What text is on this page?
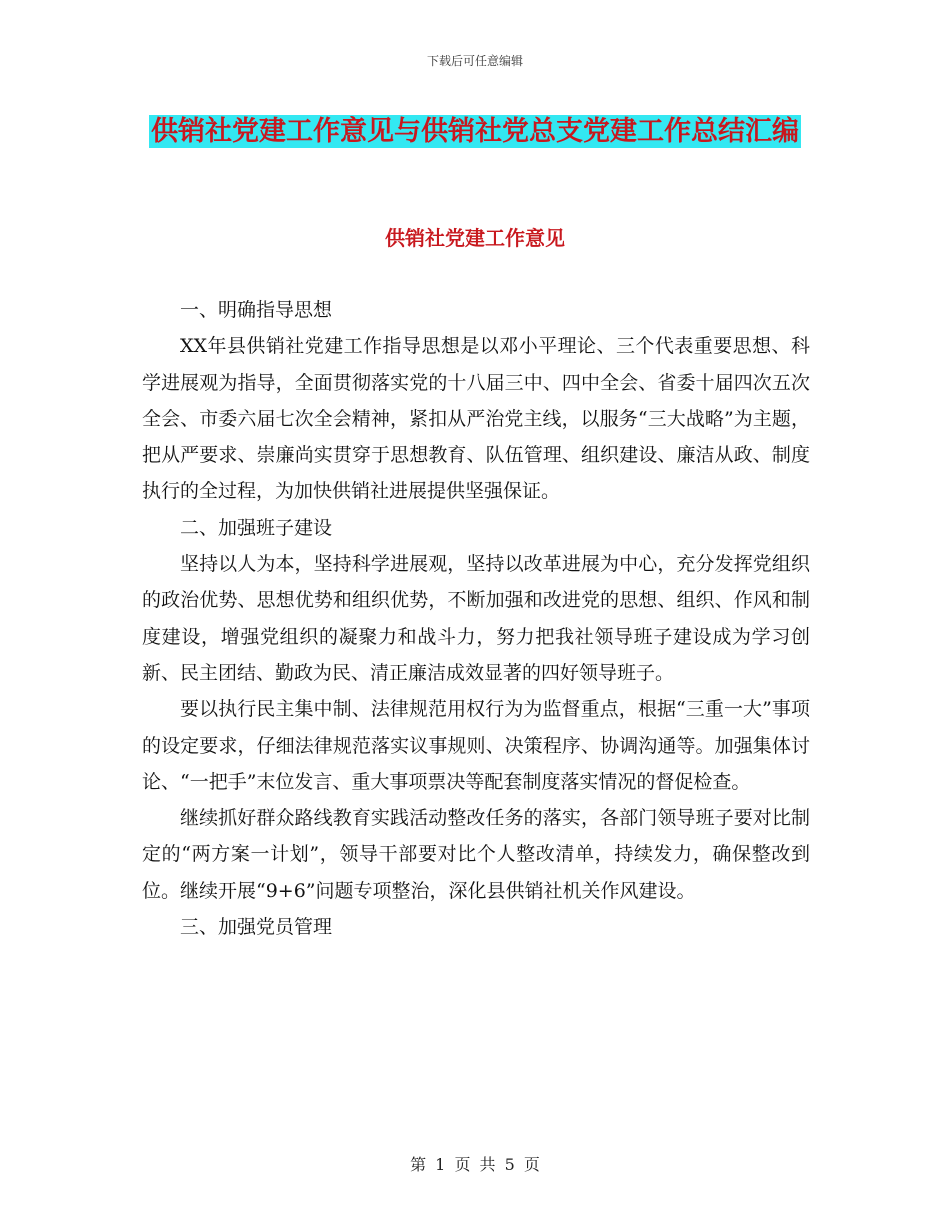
下载后可任意编辑
供销社党建工作意见与供销社党总支党建工作总结汇编
供销社党建工作意见

一、明确指导思想

XX年县供销社党建工作指导思想是以邓小平理论、三个代表重要思想、科学进展观为指导，全面贯彻落实党的十八届三中、四中全会、省委十届四次五次全会、市委六届七次全会精神，紧扣从严治党主线，以服务“三大战略”为主题，把从严要求、崇廉尚实贯穿于思想教育、队伍管理、组织建设、廉洁从政、制度执行的全过程，为加快供销社进展提供坚强保证。

二、加强班子建设

坚持以人为本，坚持科学进展观，坚持以改革进展为中心，充分发挥党组织的政治优势、思想优势和组织优势，不断加强和改进党的思想、组织、作风和制度建设，增强党组织的凝聚力和战斗力，努力把我社领导班子建设成为学习创新、民主团结、勤政为民、清正廉洁成效显著的四好领导班子。

要以执行民主集中制、法律规范用权行为为监督重点，根据“三重一大”事项的设定要求，仔细法律规范落实议事规则、决策程序、协调沟通等。加强集体讨论、“一把手”末位发言、重大事项票决等配套制度落实情况的督促检查。

继续抓好群众路线教育实践活动整改任务的落实，各部门领导班子要对比制定的“两方案一计划”，领导干部要对比个人整改清单，持续发力，确保整改到位。继续开展“9+6”问题专项整治，深化县供销社机关作风建设。

三、加强党员管理

第 1 页 共 5 页
